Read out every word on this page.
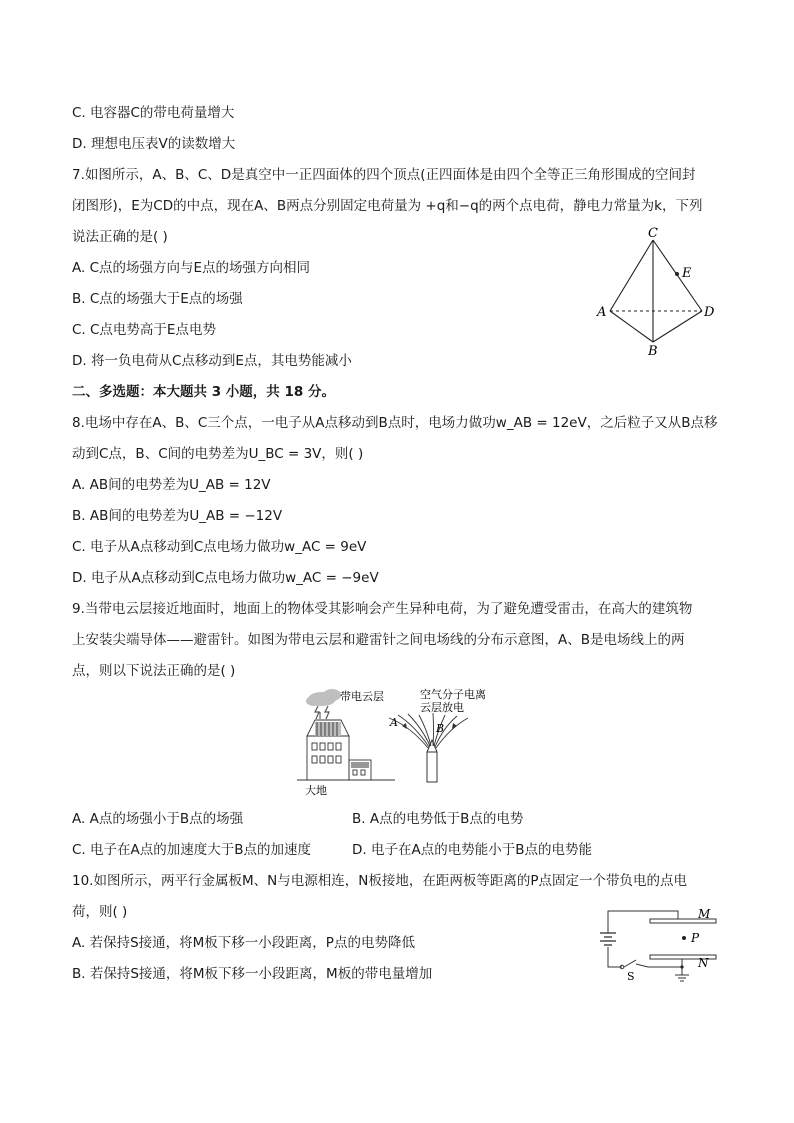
C. 电容器C的带电荷量增大
D. 理想电压表V的读数增大
7.如图所示，A、B、C、D是真空中一正四面体的四个顶点(正四面体是由四个全等正三角形围成的空间封
闭图形)，E为CD的中点，现在A、B两点分别固定电荷量为 +q和−q的两个点电荷，静电力常量为k，下列
说法正确的是( )
A. C点的场强方向与E点的场强方向相同
B. C点的场强大于E点的场强
C. C点电势高于E点电势
D. 将一负电荷从C点移动到E点，其电势能减小
C
E
A	D
B
二、多选题：本大题共 3 小题，共 18 分。
8.电场中存在A、B、C三个点，一电子从A点移动到B点时，电场力做功w_AB = 12eV，之后粒子又从B点移
动到C点，B、C间的电势差为U_BC = 3V，则( )
A. AB间的电势差为U_AB = 12V
B. AB间的电势差为U_AB = −12V
C. 电子从A点移动到C点电场力做功w_AC = 9eV
D. 电子从A点移动到C点电场力做功w_AC = −9eV
9.当带电云层接近地面时，地面上的物体受其影响会产生异种电荷，为了避免遭受雷击，在高大的建筑物
上安装尖端导体——避雷针。如图为带电云层和避雷针之间电场线的分布示意图，A、B是电场线上的两
点，则以下说法正确的是( )
带电云层
大地
空气分子电离
云层放电
A	B
A. A点的场强小于B点的场强	B. A点的电势低于B点的电势
C. 电子在A点的加速度大于B点的加速度	D. 电子在A点的电势能小于B点的电势能
10.如图所示，两平行金属板M、N与电源相连，N板接地，在距两板等距离的P点固定一个带负电的点电
荷，则( )
A. 若保持S接通，将M板下移一小段距离，P点的电势降低
B. 若保持S接通，将M板下移一小段距离，M板的带电量增加
M
P
N
S
